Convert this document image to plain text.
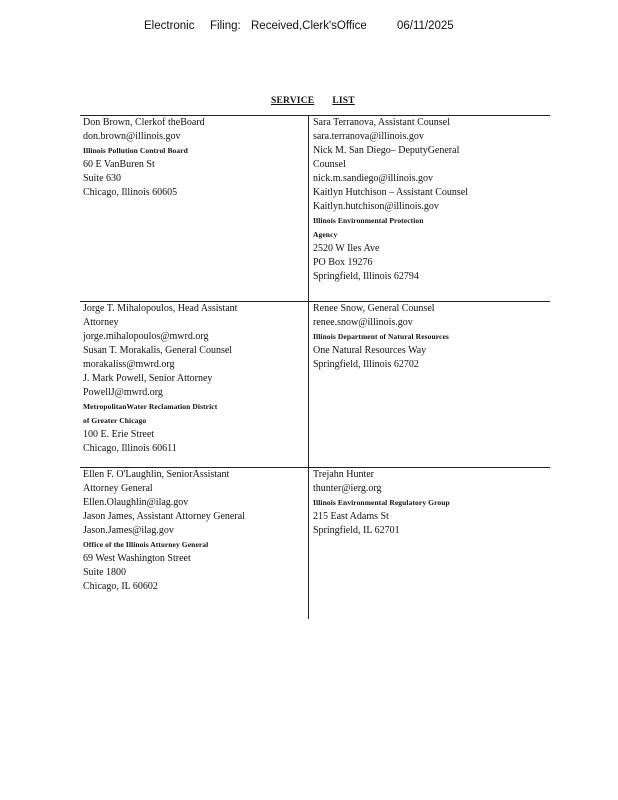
Electronic Filing: Received,Clerk'sOffice	06/11/2025
SERVICE LIST
Don Brown, Clerkof theBoard
don.brown@illinois.gov
Illinois Pollution Control Board
60 E VanBuren St
Suite 630
Chicago, Illinois 60605
Sara Terranova, Assistant Counsel
sara.terranova@illinois.gov
Nick M. San Diego– DeputyGeneral
Counsel
nick.m.sandiego@illinois.gov
Kaitlyn Hutchison – Assistant Counsel
Kaitlyn.hutchison@illinois.gov
Illinois Environmental Protection
Agency
2520 W Iles Ave
PO Box 19276
Springfield, Illinois 62794
Jorge T. Mihalopoulos, Head Assistant
Attorney
jorge.mihalopoulos@mwrd.org
Susan T. Morakalis, General Counsel
morakaliss@mwrd.org
J. Mark Powell, Senior Attorney
PowellJ@mwrd.org
MetropolitanWater Reclamation District
of Greater Chicago
100 E. Erie Street
Chicago, Illinois 60611
Renee Snow, General Counsel
renee.snow@illinois.gov
Illinois Department of Natural Resources
One Natural Resources Way
Springfield, Illinois 62702
Ellen F. O'Laughlin, SeniorAssistant
Attorney General
Ellen.Olaughlin@ilag.gov
Jason James, Assistant Attorney General
Jason.James@ilag.gov
Office of the Illinois Attorney General
69 West Washington Street
Suite 1800
Chicago, IL 60602
Trejahn Hunter
thunter@ierg.org
Illinois Environmental Regulatory Group
215 East Adams St
Springfield, IL 62701
